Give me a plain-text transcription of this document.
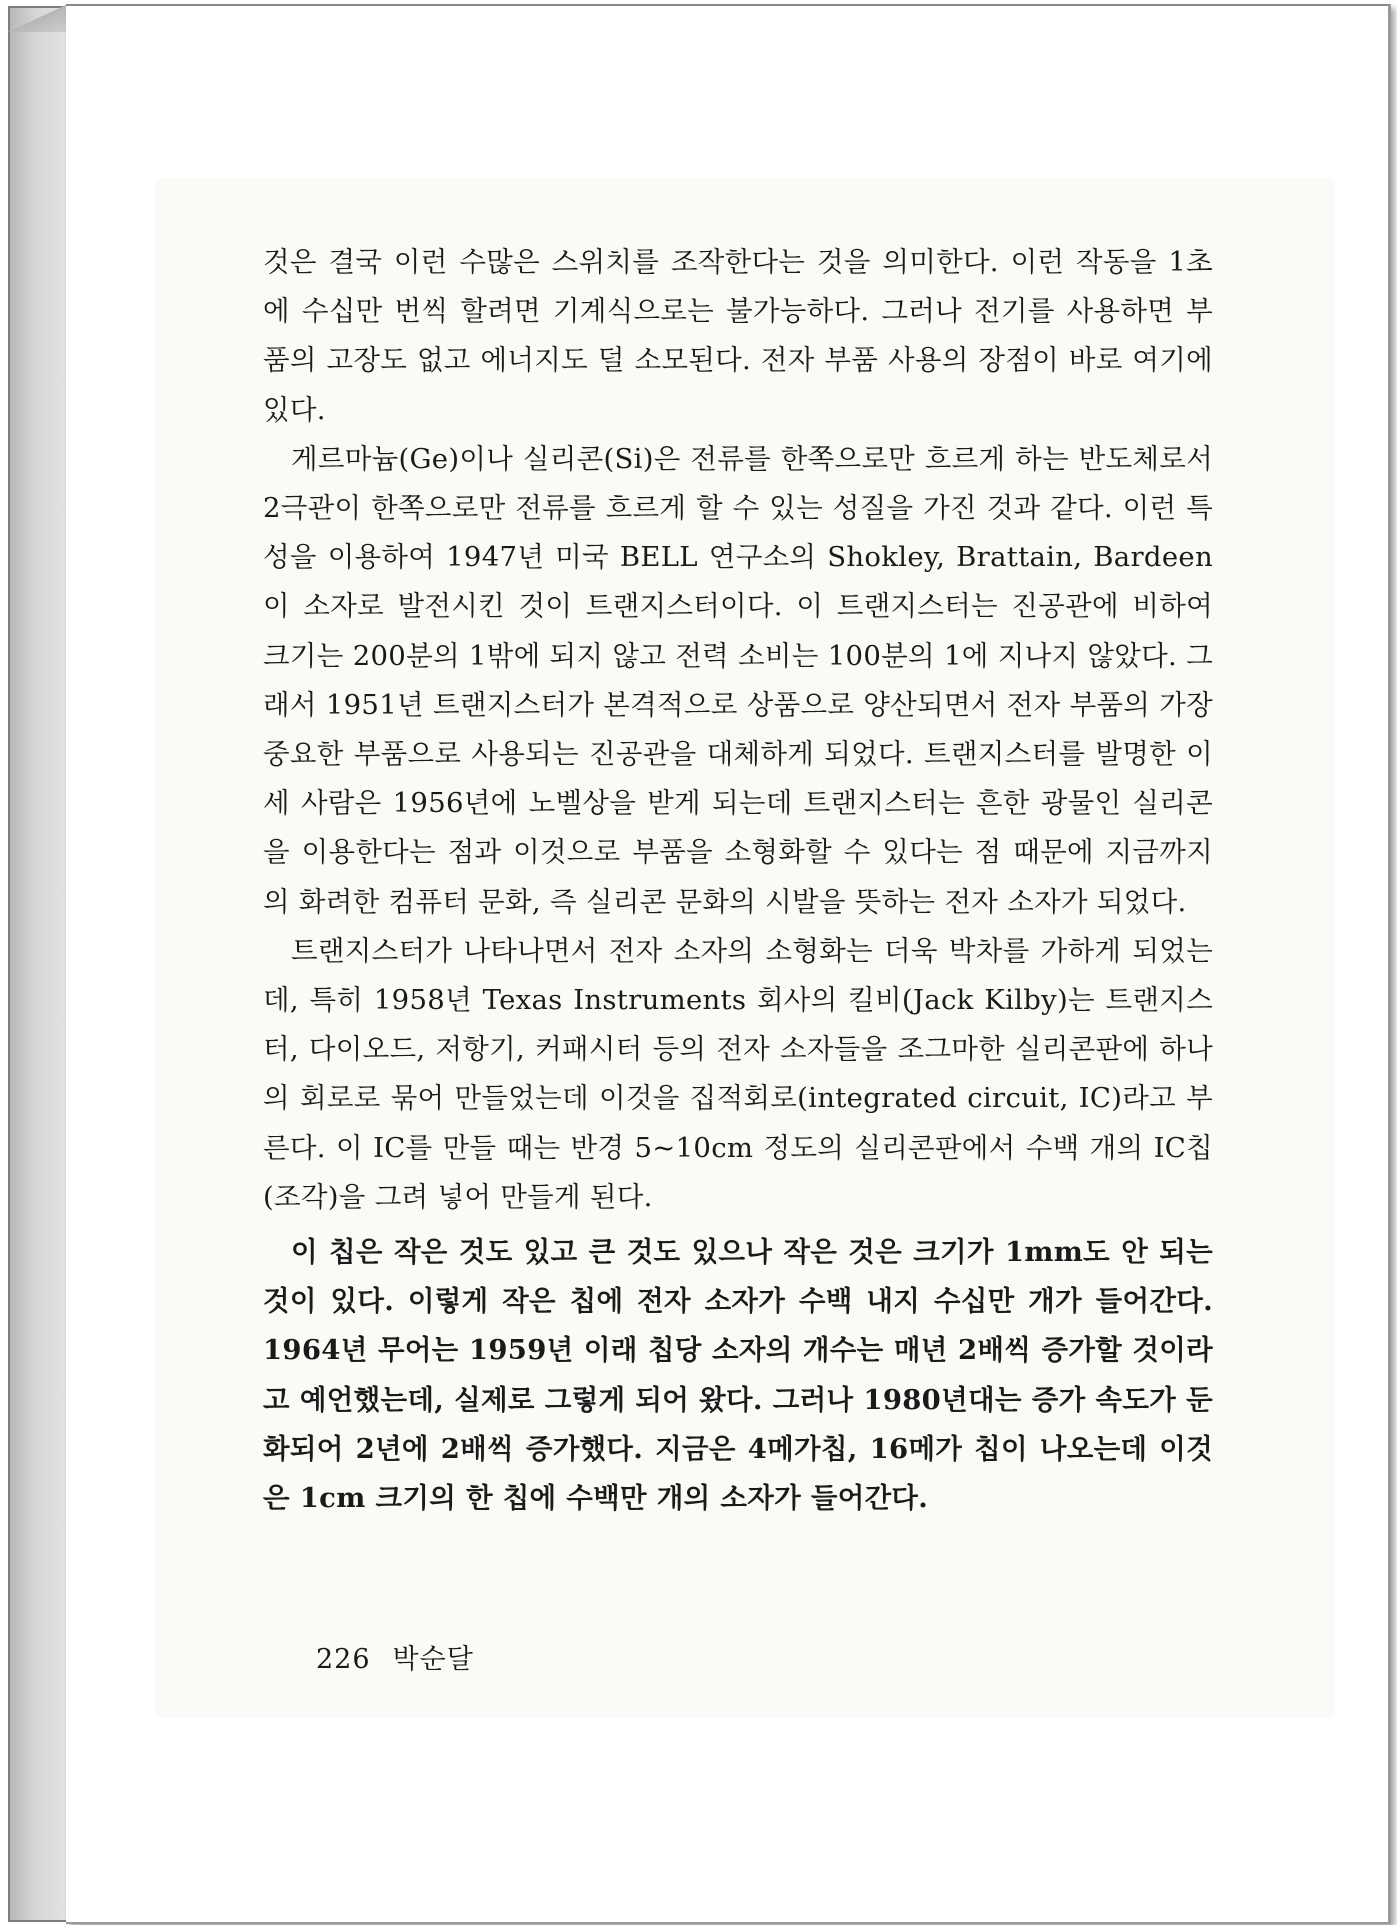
것은 결국 이런 수많은 스위치를 조작한다는 것을 의미한다. 이런 작동을 1초에 수십만 번씩 할려면 기계식으로는 불가능하다. 그러나 전기를 사용하면 부품의 고장도 없고 에너지도 덜 소모된다. 전자 부품 사용의 장점이 바로 여기에 있다.

게르마늄(Ge)이나 실리콘(Si)은 전류를 한쪽으로만 흐르게 하는 반도체로서 2극관이 한쪽으로만 전류를 흐르게 할 수 있는 성질을 가진 것과 같다. 이런 특성을 이용하여 1947년 미국 BELL 연구소의 Shokley, Brattain, Bardeen이 소자로 발전시킨 것이 트랜지스터이다. 이 트랜지스터는 진공관에 비하여 크기는 200분의 1밖에 되지 않고 전력 소비는 100분의 1에 지나지 않았다. 그래서 1951년 트랜지스터가 본격적으로 상품으로 양산되면서 전자 부품의 가장 중요한 부품으로 사용되는 진공관을 대체하게 되었다. 트랜지스터를 발명한 이 세 사람은 1956년에 노벨상을 받게 되는데 트랜지스터는 흔한 광물인 실리콘을 이용한다는 점과 이것으로 부품을 소형화할 수 있다는 점 때문에 지금까지의 화려한 컴퓨터 문화, 즉 실리콘 문화의 시발을 뜻하는 전자 소자가 되었다.

트랜지스터가 나타나면서 전자 소자의 소형화는 더욱 박차를 가하게 되었는데, 특히 1958년 Texas Instruments 회사의 킬비(Jack Kilby)는 트랜지스터, 다이오드, 저항기, 커패시터 등의 전자 소자들을 조그마한 실리콘판에 하나의 회로로 묶어 만들었는데 이것을 집적회로(integrated circuit, IC)라고 부른다. 이 IC를 만들 때는 반경 5~10cm 정도의 실리콘판에서 수백 개의 IC칩(조각)을 그려 넣어 만들게 된다.

이 칩은 작은 것도 있고 큰 것도 있으나 작은 것은 크기가 1mm도 안 되는 것이 있다. 이렇게 작은 칩에 전자 소자가 수백 내지 수십만 개가 들어간다. 1964년 무어는 1959년 이래 칩당 소자의 개수는 매년 2배씩 증가할 것이라고 예언했는데, 실제로 그렇게 되어 왔다. 그러나 1980년대는 증가 속도가 둔화되어 2년에 2배씩 증가했다. 지금은 4메가칩, 16메가 칩이 나오는데 이것은 1cm 크기의 한 칩에 수백만 개의 소자가 들어간다.

226 박순달
